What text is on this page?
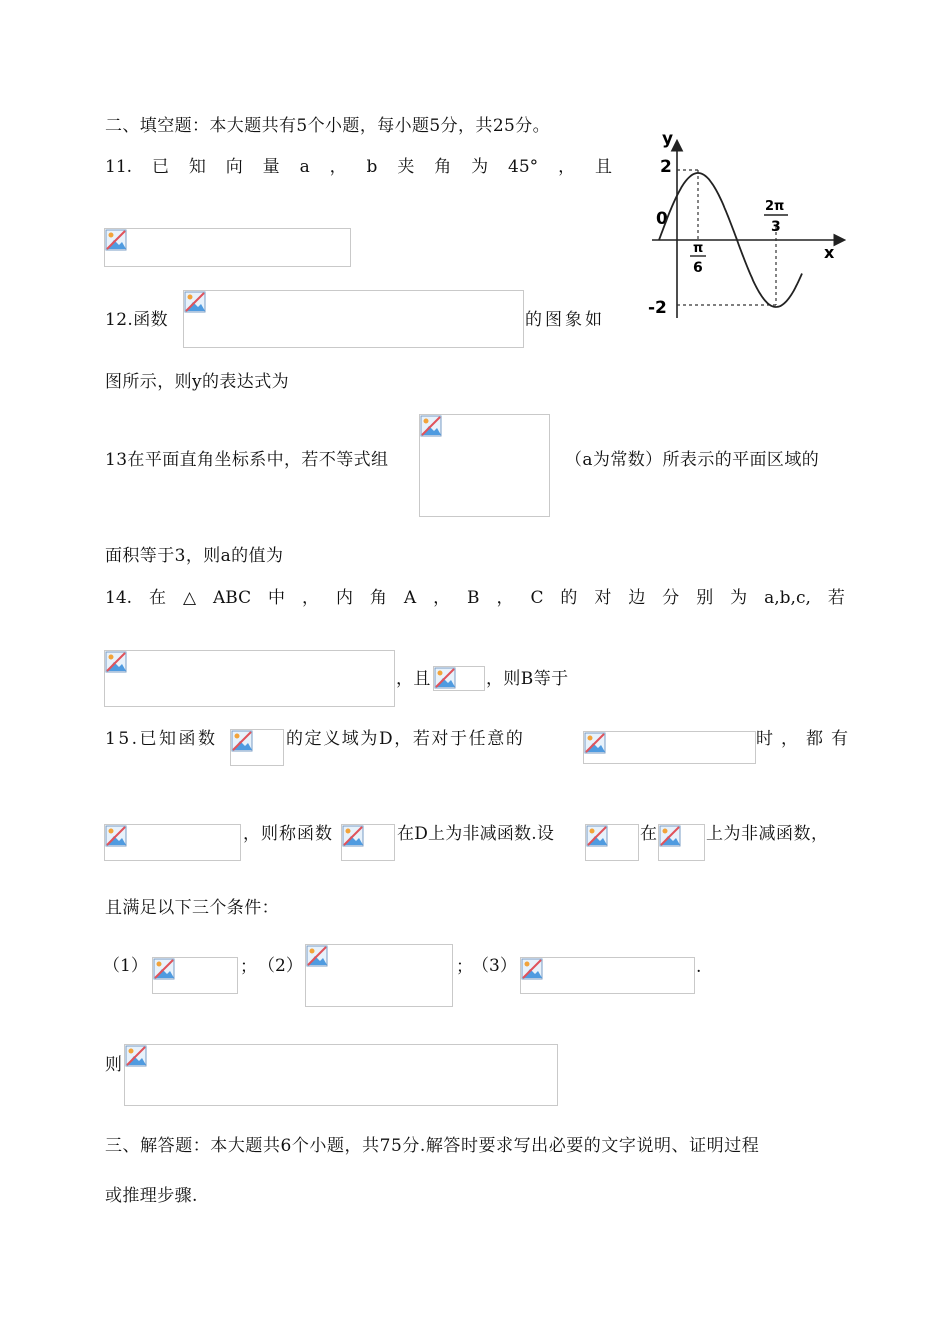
二、填空题：本大题共有5个小题，每小题5分，共25分。
11. 已 知 向 量 a ， b 夹 角 为 45° ， 且
12.函数	的图象如
图所示，则y的表达式为
y
x
2
0
-2
π
6
2π
3
13在平面直角坐标系中，若不等式组	（a为常数）所表示的平面区域的
面积等于3，则a的值为
14. 在 △ ABC 中 ， 内 角 A ， B ， C 的 对 边 分 别 为 a,b,c, 若
，且	，则B等于
15.已知函数	的定义域为D，若对于任意的	时，都有
，则称函数	在D上为非减函数.设	在	上为非减函数，
且满足以下三个条件：
（1）	； （2）	； （3）	.
则
三、解答题：本大题共6个小题，共75分.解答时要求写出必要的文字说明、证明过程
或推理步骤.
